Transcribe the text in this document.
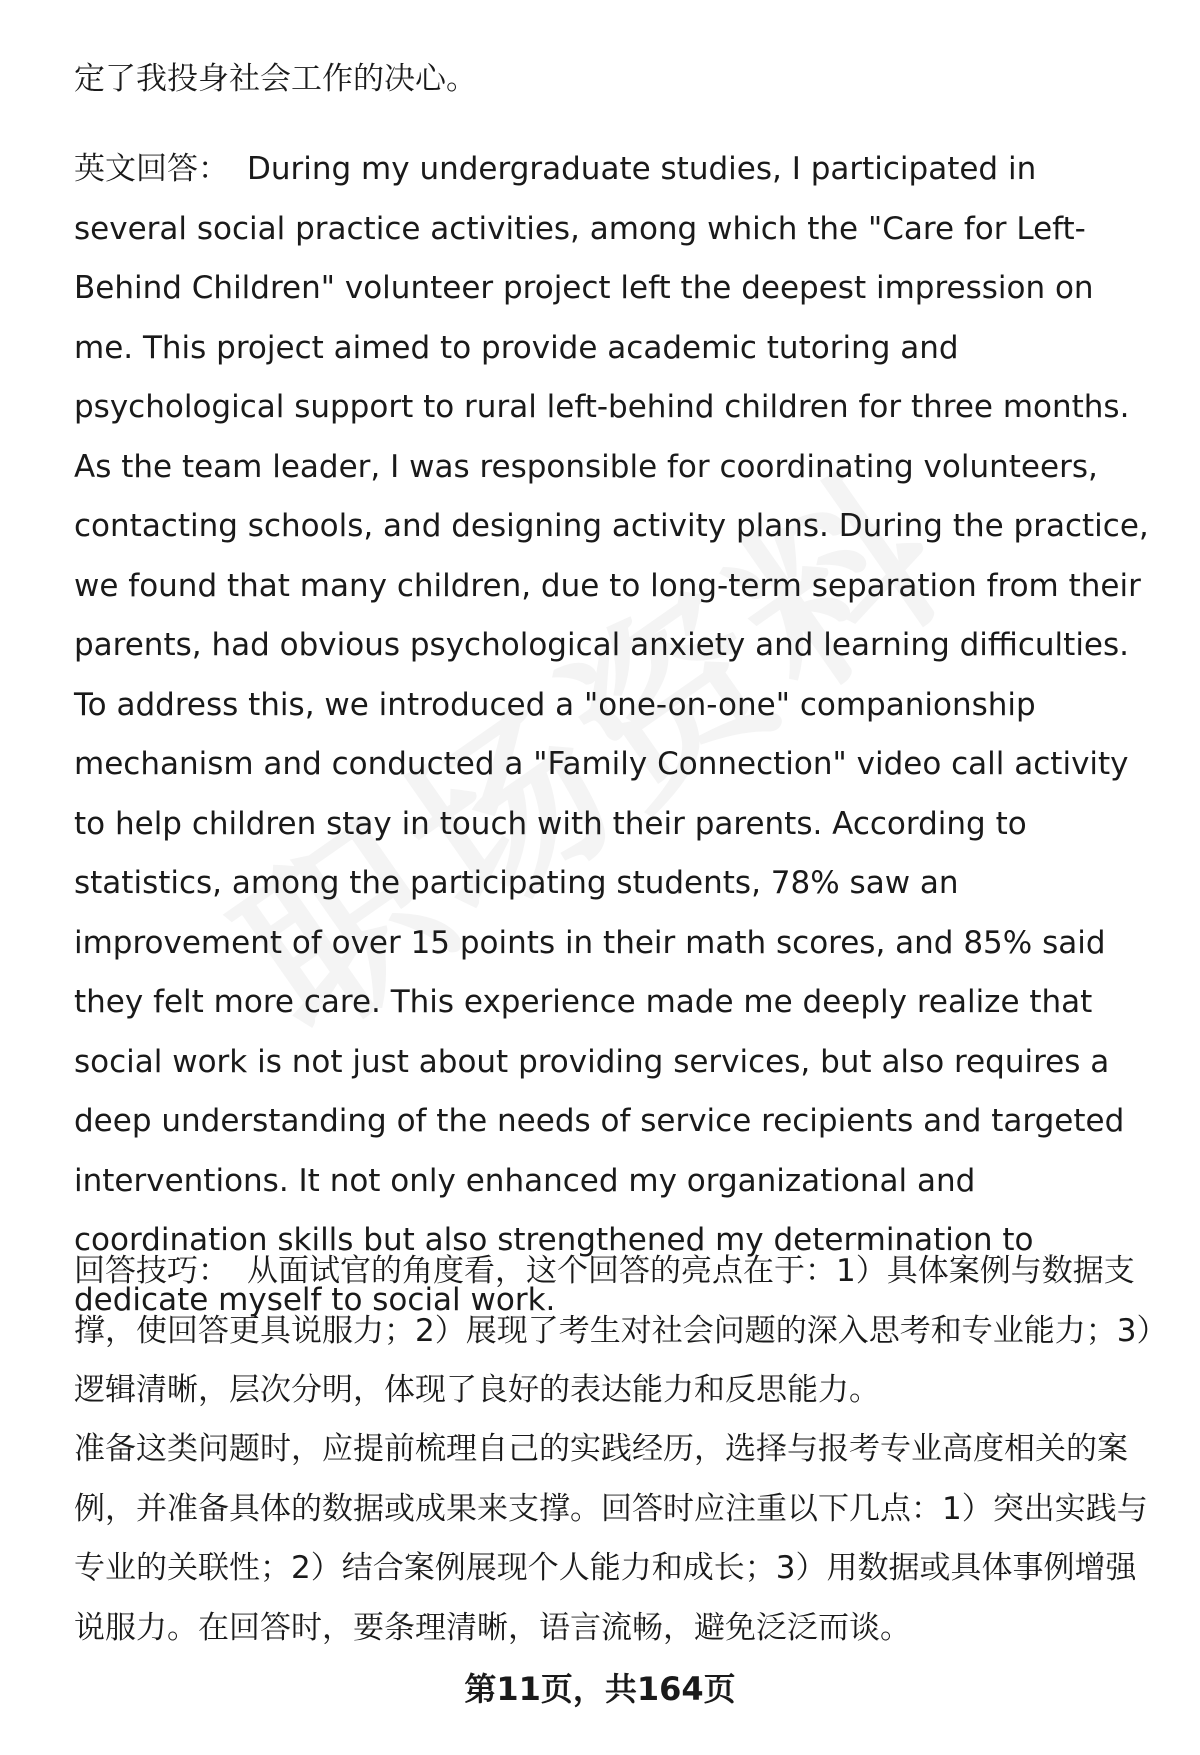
定了我投身社会工作的决心。

英文回答： During my undergraduate studies, I participated in several social practice activities, among which the "Care for Left-Behind Children" volunteer project left the deepest impression on me. This project aimed to provide academic tutoring and psychological support to rural left-behind children for three months. As the team leader, I was responsible for coordinating volunteers, contacting schools, and designing activity plans. During the practice, we found that many children, due to long-term separation from their parents, had obvious psychological anxiety and learning difficulties. To address this, we introduced a "one-on-one" companionship mechanism and conducted a "Family Connection" video call activity to help children stay in touch with their parents. According to statistics, among the participating students, 78% saw an improvement of over 15 points in their math scores, and 85% said they felt more care. This experience made me deeply realize that social work is not just about providing services, but also requires a deep understanding of the needs of service recipients and targeted interventions. It not only enhanced my organizational and coordination skills but also strengthened my determination to dedicate myself to social work.

回答技巧： 从面试官的角度看，这个回答的亮点在于：1）具体案例与数据支撑，使回答更具说服力；2）展现了考生对社会问题的深入思考和专业能力；3）逻辑清晰，层次分明，体现了良好的表达能力和反思能力。

准备这类问题时，应提前梳理自己的实践经历，选择与报考专业高度相关的案例，并准备具体的数据或成果来支撑。回答时应注重以下几点：1）突出实践与专业的关联性；2）结合案例展现个人能力和成长；3）用数据或具体事例增强说服力。在回答时，要条理清晰，语言流畅，避免泛泛而谈。

第11页，共164页
